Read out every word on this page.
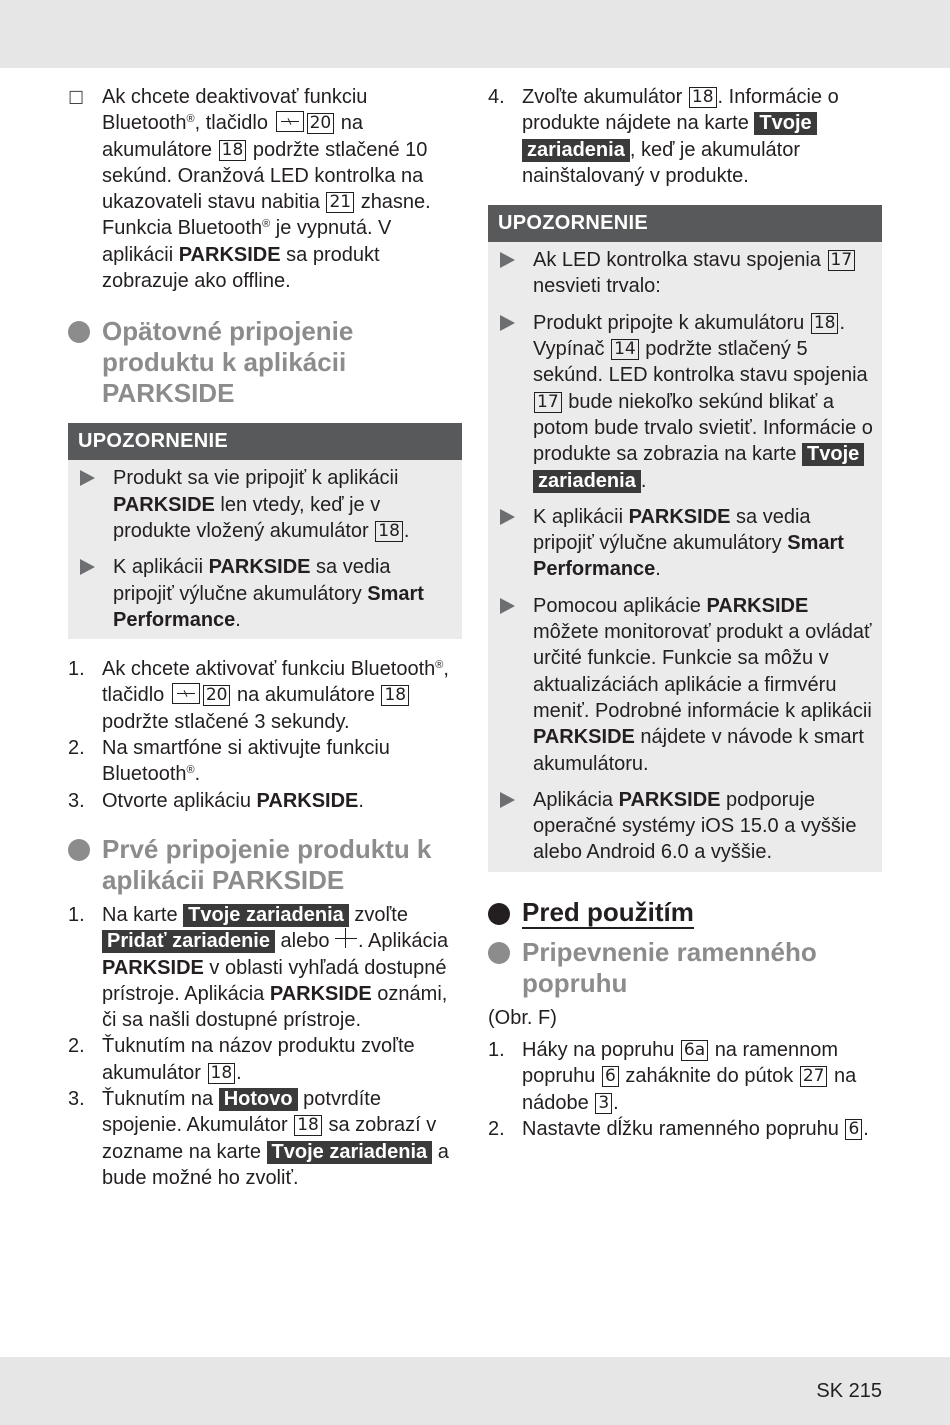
☐ Ak chcete deaktivovať funkciu Bluetooth®, tlačidlo 20 na akumulátore 18 podržte stlačené 10 sekúnd. Oranžová LED kontrolka na ukazovateli stavu nabitia 21 zhasne. Funkcia Bluetooth® je vypnutá. V aplikácii PARKSIDE sa produkt zobrazuje ako offline.
Opätovné pripojenie produktu k aplikácii PARKSIDE
UPOZORNENIE
Produkt sa vie pripojiť k aplikácii PARKSIDE len vtedy, keď je v produkte vložený akumulátor 18 .
K aplikácii PARKSIDE sa vedia pripojiť výlučne akumulátory Smart Performance.
1. Ak chcete aktivovať funkciu Bluetooth®, tlačidlo 20 na akumulátore 18 podržte stlačené 3 sekundy.
2. Na smartfóne si aktivujte funkciu Bluetooth®.
3. Otvorte aplikáciu PARKSIDE.
Prvé pripojenie produktu k aplikácii PARKSIDE
1. Na karte Tvoje zariadenia zvoľte Pridať zariadenie alebo . Aplikácia PARKSIDE v oblasti vyhľadá dostupné prístroje. Aplikácia PARKSIDE oznámi, či sa našli dostupné prístroje.
2. Ťuknutím na názov produktu zvoľte akumulátor 18 .
3. Ťuknutím na Hotovo potvrdíte spojenie. Akumulátor 18 sa zobrazí v zozname na karte Tvoje zariadenia a bude možné ho zvoliť.
4. Zvoľte akumulátor 18 . Informácie o produkte nájdete na karte Tvoje zariadenia , keď je akumulátor nainštalovaný v produkte.
UPOZORNENIE
Ak LED kontrolka stavu spojenia 17 nesvieti trvalo:
Produkt pripojte k akumulátoru 18 . Vypínač 14 podržte stlačený 5 sekúnd. LED kontrolka stavu spojenia 17 bude niekoľko sekúnd blikať a potom bude trvalo svietiť. Informácie o produkte sa zobrazia na karte Tvoje zariadenia .
K aplikácii PARKSIDE sa vedia pripojiť výlučne akumulátory Smart Performance.
Pomocou aplikácie PARKSIDE môžete monitorovať produkt a ovládať určité funkcie. Funkcie sa môžu v aktualizáciách aplikácie a firmvéru meniť. Podrobné informácie k aplikácii PARKSIDE nájdete v návode k smart akumulátoru.
Aplikácia PARKSIDE podporuje operačné systémy iOS 15.0 a vyššie alebo Android 6.0 a vyššie.
Pred použitím
Pripevnenie ramenného popruhu
(Obr. F)
1. Háky na popruhu 6a na ramennom popruhu 6 zaháknite do pútok 27 na nádobe 3 .
2. Nastavte dĺžku ramenného popruhu 6 .
SK 215
